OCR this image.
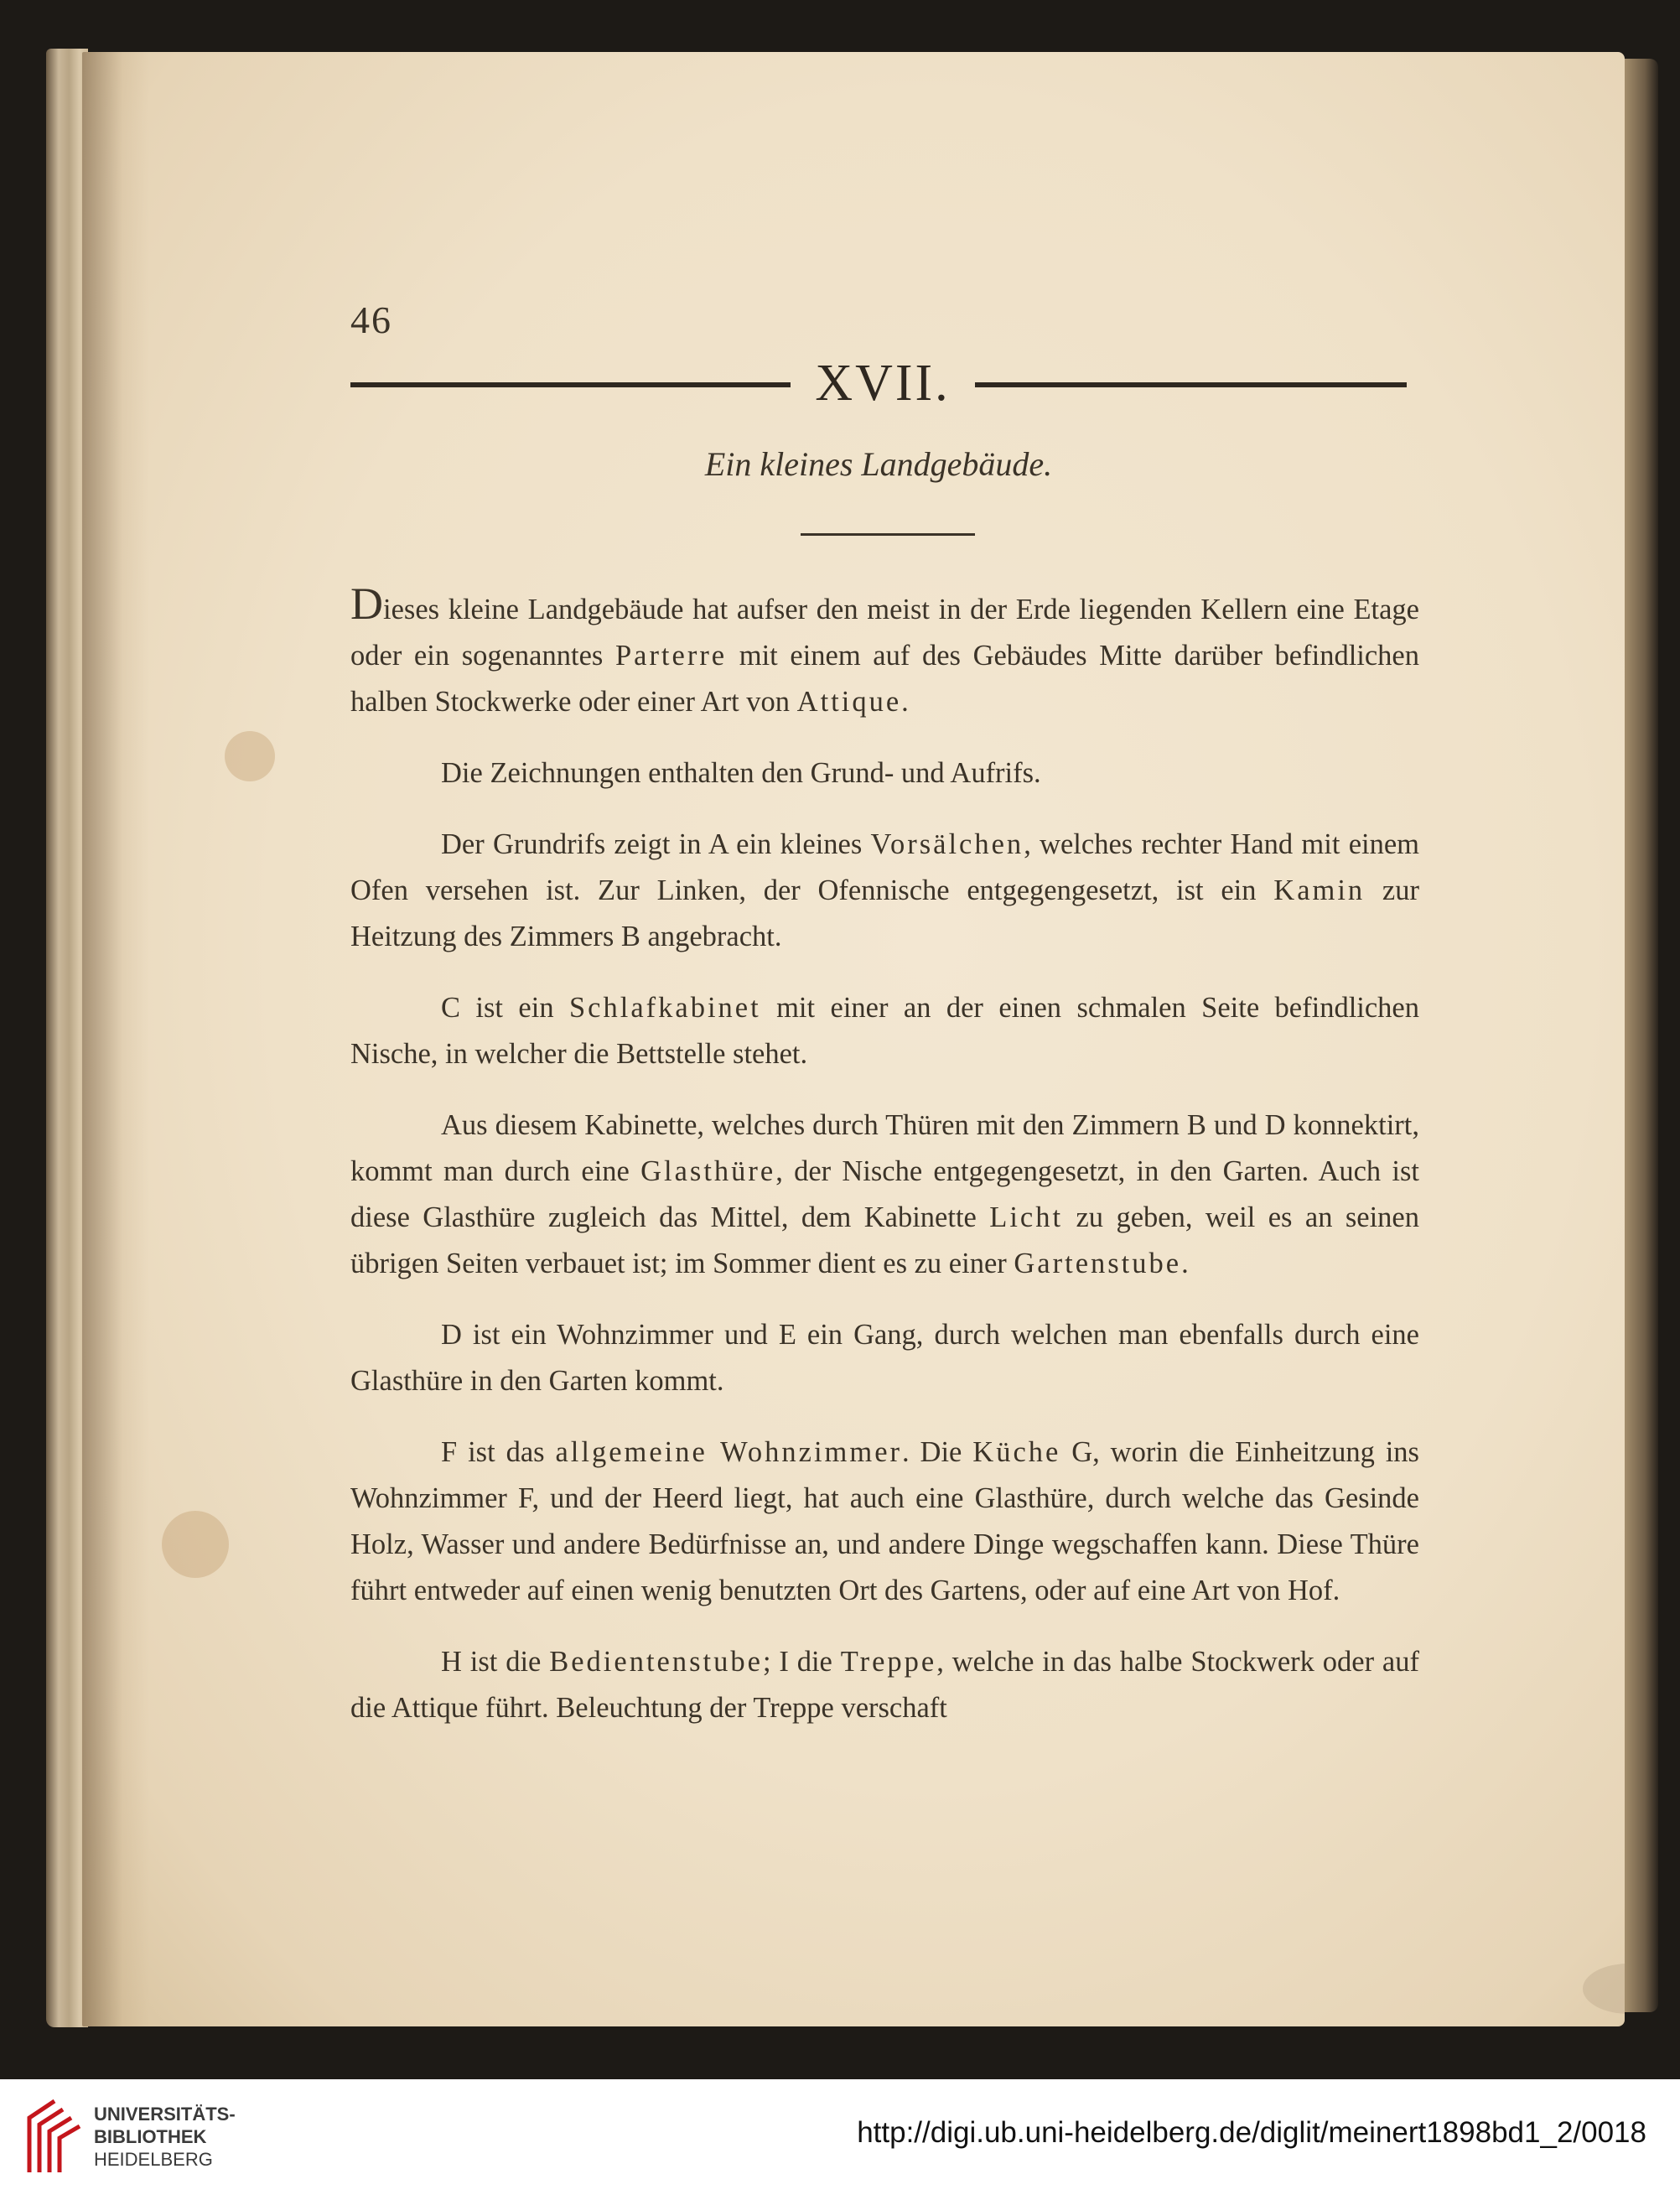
46
XVII.
Ein kleines Landgebäude.

Dieses kleine Landgebäude hat aufser den meist in der Erde liegenden Kellern eine Etage oder ein sogenanntes Parterre mit einem auf des Gebäudes Mitte darüber befindlichen halben Stockwerke oder einer Art von Attique.

Die Zeichnungen enthalten den Grund- und Aufrifs.

Der Grundrifs zeigt in A ein kleines Vorsälchen, welches rechter Hand mit einem Ofen versehen ist. Zur Linken, der Ofennische entgegengesetzt, ist ein Kamin zur Heitzung des Zimmers B angebracht.

C ist ein Schlafkabinet mit einer an der einen schmalen Seite befindlichen Nische, in welcher die Bettstelle stehet.

Aus diesem Kabinette, welches durch Thüren mit den Zimmern B und D konnektirt, kommt man durch eine Glasthüre, der Nische entgegengesetzt, in den Garten. Auch ist diese Glasthüre zugleich das Mittel, dem Kabinette Licht zu geben, weil es an seinen übrigen Seiten verbauet ist; im Sommer dient es zu einer Gartenstube.

D ist ein Wohnzimmer und E ein Gang, durch welchen man ebenfalls durch eine Glasthüre in den Garten kommt.

F ist das allgemeine Wohnzimmer. Die Küche G, worin die Einheitzung ins Wohnzimmer F, und der Heerd liegt, hat auch eine Glasthüre, durch welche das Gesinde Holz, Wasser und andere Bedürfnisse an, und andere Dinge wegschaffen kann. Diese Thüre führt entweder auf einen wenig benutzten Ort des Gartens, oder auf eine Art von Hof.

H ist die Bedientenstube; I die Treppe, welche in das halbe Stockwerk oder auf die Attique führt. Beleuchtung der Treppe verschaft

UNIVERSITÄTS-
BIBLIOTHEK
HEIDELBERG
http://digi.ub.uni-heidelberg.de/diglit/meinert1898bd1_2/0018
